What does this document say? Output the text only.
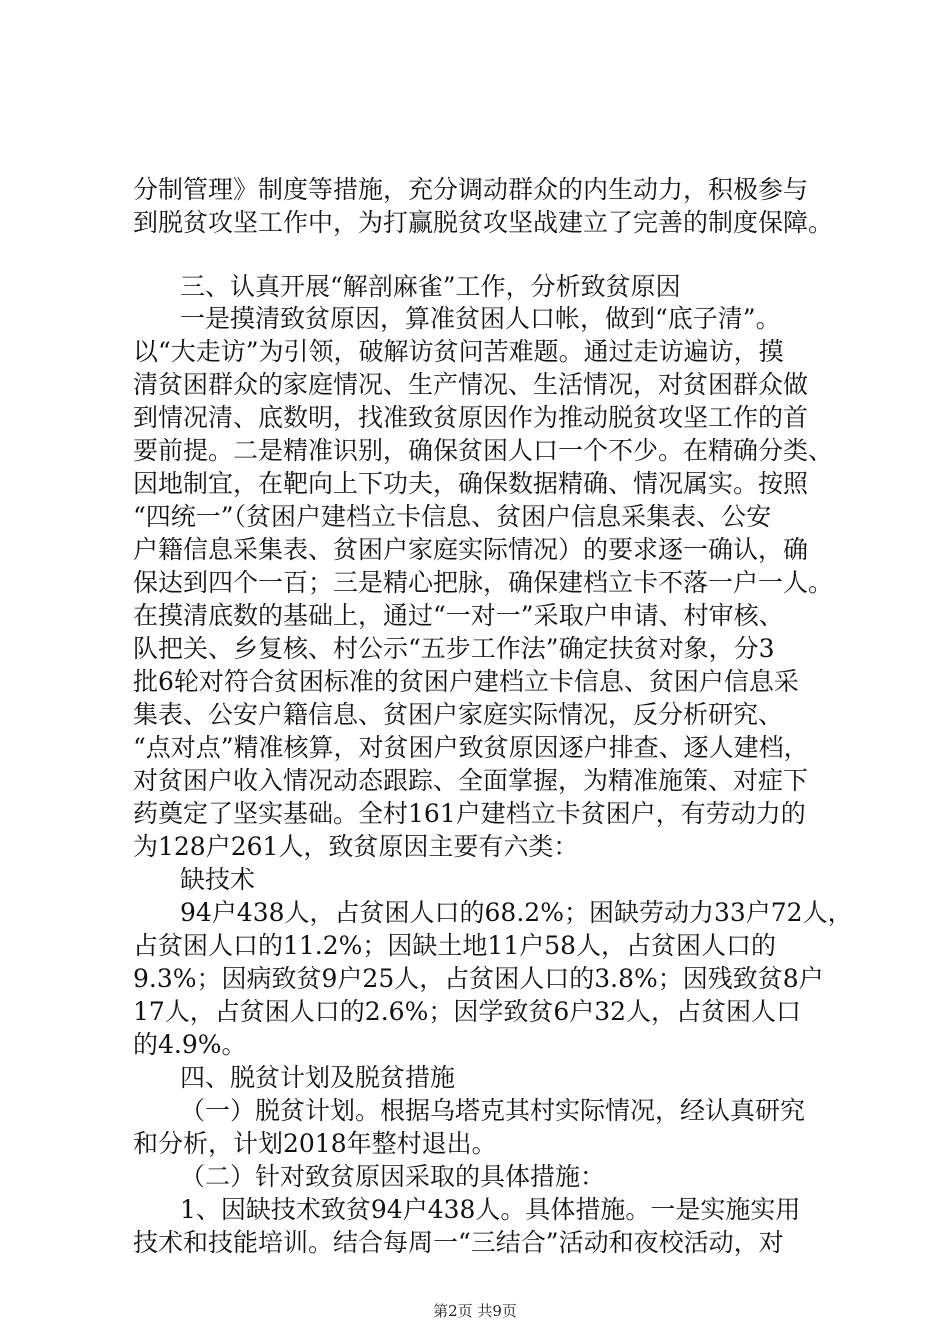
分制管理》制度等措施，充分调动群众的内生动力，积极参与
到脱贫攻坚工作中，为打赢脱贫攻坚战建立了完善的制度保障。
三、认真开展“解剖麻雀”工作，分析致贫原因
一是摸清致贫原因，算准贫困人口帐，做到“底子清”。
以“大走访”为引领，破解访贫问苦难题。通过走访遍访，摸
清贫困群众的家庭情况、生产情况、生活情况，对贫困群众做
到情况清、底数明，找准致贫原因作为推动脱贫攻坚工作的首
要前提。二是精准识别，确保贫困人口一个不少。在精确分类、
因地制宜，在靶向上下功夫，确保数据精确、情况属实。按照
“四统一”（贫困户建档立卡信息、贫困户信息采集表、公安
户籍信息采集表、贫困户家庭实际情况）的要求逐一确认，确
保达到四个一百；三是精心把脉，确保建档立卡不落一户一人。
在摸清底数的基础上，通过“一对一”采取户申请、村审核、
队把关、乡复核、村公示“五步工作法”确定扶贫对象，分3
批6轮对符合贫困标准的贫困户建档立卡信息、贫困户信息采
集表、公安户籍信息、贫困户家庭实际情况，反分析研究、
“点对点”精准核算，对贫困户致贫原因逐户排查、逐人建档，
对贫困户收入情况动态跟踪、全面掌握，为精准施策、对症下
药奠定了坚实基础。全村161户建档立卡贫困户，有劳动力的
为128户261人，致贫原因主要有六类：
缺技术
94户438人，占贫困人口的68.2%；困缺劳动力33户72人，
占贫困人口的11.2%；因缺土地11户58人，占贫困人口的
9.3%；因病致贫9户25人，占贫困人口的3.8%；因残致贫8户
17人，占贫困人口的2.6%；因学致贫6户32人，占贫困人口
的4.9%。
四、脱贫计划及脱贫措施
（一）脱贫计划。根据乌塔克其村实际情况，经认真研究
和分析，计划2018年整村退出。
（二）针对致贫原因采取的具体措施：
1、因缺技术致贫94户438人。具体措施。一是实施实用
技术和技能培训。结合每周一“三结合”活动和夜校活动，对
第2页 共9页
